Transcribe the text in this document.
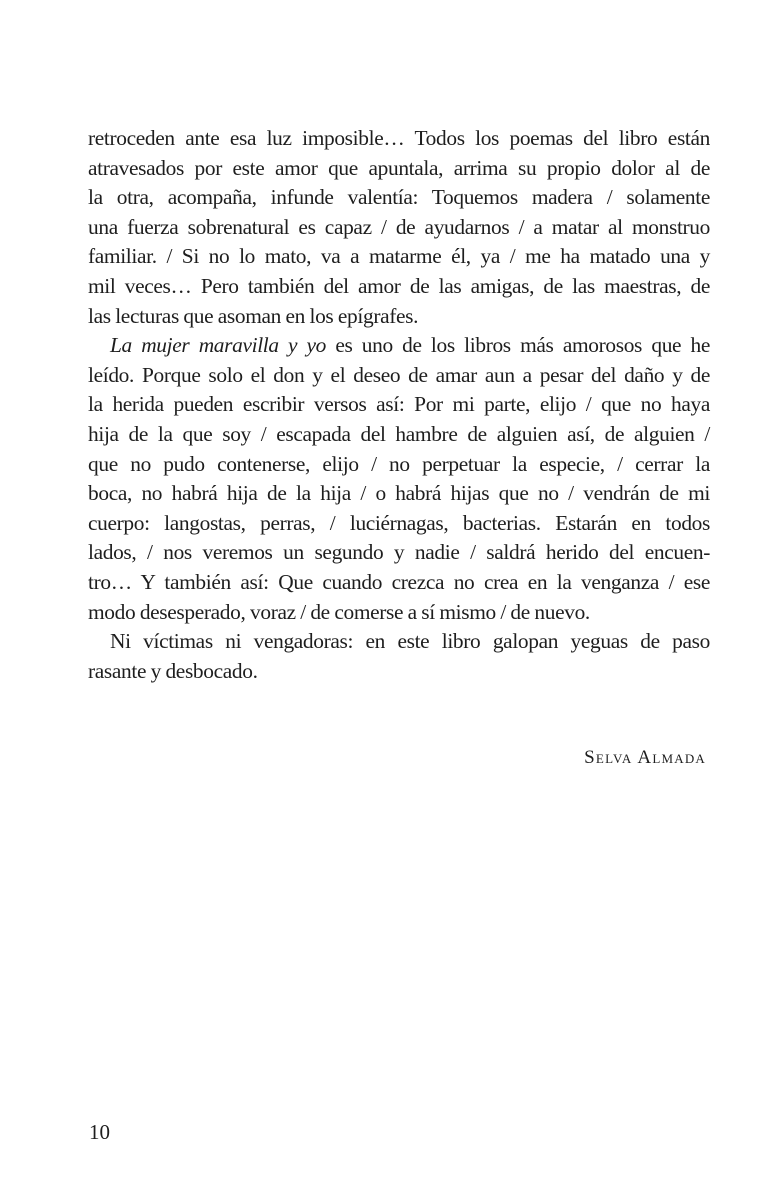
retroceden ante esa luz imposible… Todos los poemas del libro están
atravesados por este amor que apuntala, arrima su propio dolor al de
la otra, acompaña, infunde valentía: Toquemos madera / solamente
una fuerza sobrenatural es capaz / de ayudarnos / a matar al monstruo
familiar. / Si no lo mato, va a matarme él, ya / me ha matado una y
mil veces… Pero también del amor de las amigas, de las maestras, de
las lecturas que asoman en los epígrafes.
La mujer maravilla y yo es uno de los libros más amorosos que he
leído. Porque solo el don y el deseo de amar aun a pesar del daño y de
la herida pueden escribir versos así: Por mi parte, elijo / que no haya
hija de la que soy / escapada del hambre de alguien así, de alguien /
que no pudo contenerse, elijo / no perpetuar la especie, / cerrar la
boca, no habrá hija de la hija / o habrá hijas que no / vendrán de mi
cuerpo: langostas, perras, / luciérnagas, bacterias. Estarán en todos
lados, / nos veremos un segundo y nadie / saldrá herido del encuen-
tro… Y también así: Que cuando crezca no crea en la venganza / ese
modo desesperado, voraz / de comerse a sí mismo / de nuevo.
Ni víctimas ni vengadoras: en este libro galopan yeguas de paso
rasante y desbocado.
Selva Almada
10
